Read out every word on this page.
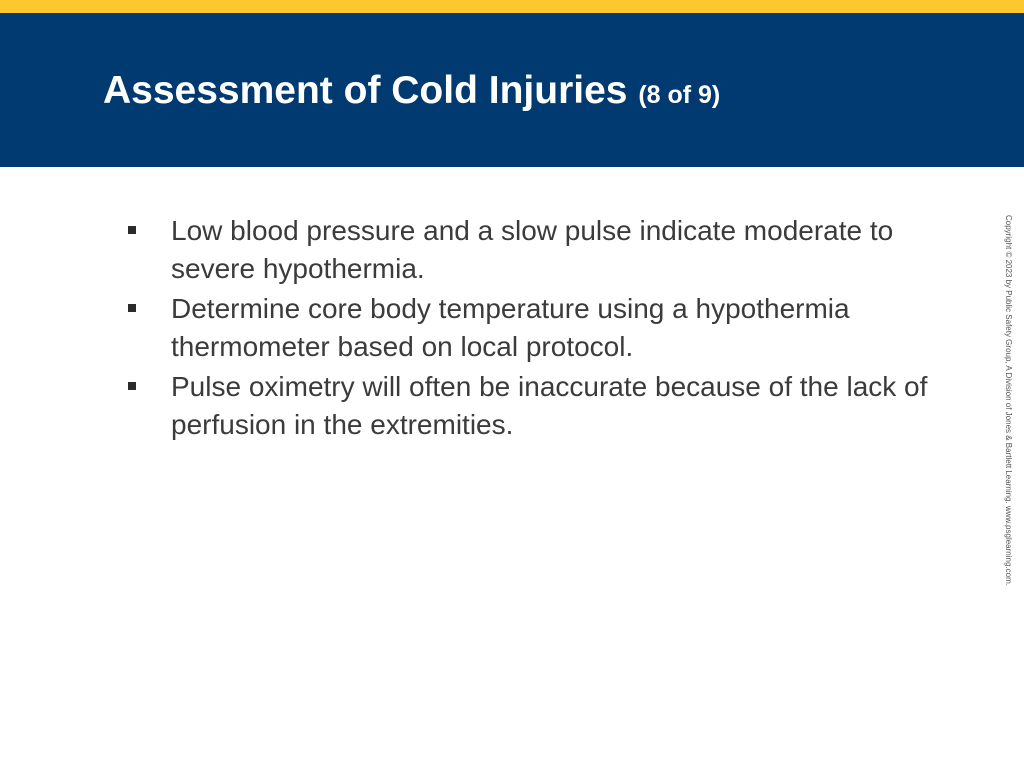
Assessment of Cold Injuries (8 of 9)
Low blood pressure and a slow pulse indicate moderate to severe hypothermia.
Determine core body temperature using a hypothermia thermometer based on local protocol.
Pulse oximetry will often be inaccurate because of the lack of perfusion in the extremities.	Copyright © 2023 by Public Safety Group, A Division of Jones & Bartlett Learning. www.psglearning.com.
